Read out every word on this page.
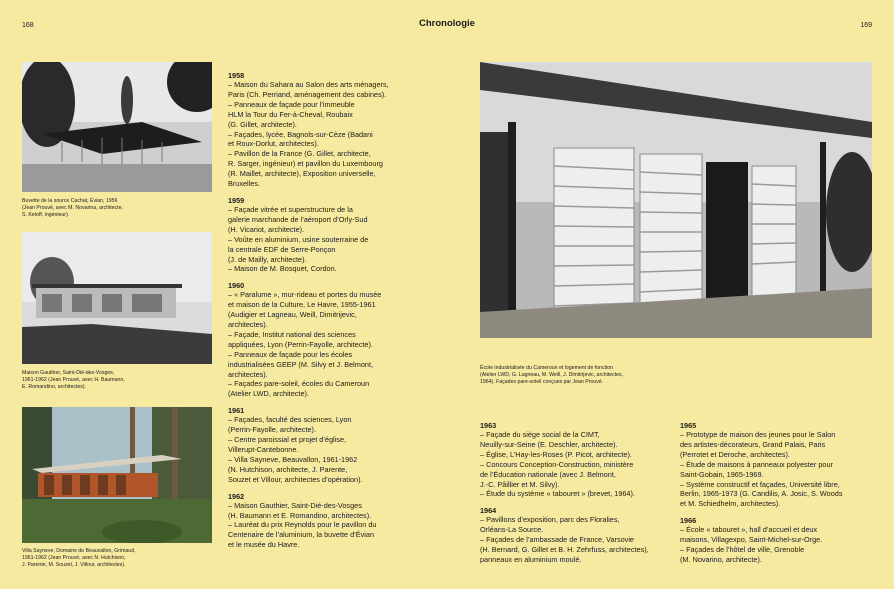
168	Chronologie	169
Buvette de la source Cachat, Évian, 1956
(Jean Prouvé, avec M. Novarina, architecte,
S. Ketoff, ingénieur).
Maison Gauthier, Saint-Dié-des-Vosges,
1961-1962 (Jean Prouvé, avec H. Baumann,
E. Romandino, architectes).
Villa Sayneve, Domaine de Beauvallon, Grimaud,
1961-1962 (Jean Prouvé, avec N. Hutchison,
J. Parente, M. Souzet, J. Villour, architectes).
École industrialisée du Cameroun et logement de fonction
(Atelier LWD, G. Lagneau, M. Weill, J. Dimitrijevic, architectes,
1964). Façades pare-soleil conçues par Jean Prouvé.
1958
– Maison du Sahara au Salon des arts ménagers,
Paris (Ch. Perriand, aménagement des cabines).
– Panneaux de façade pour l’immeuble
HLM la Tour du Fer-à-Cheval, Roubaix
(G. Gillet, architecte).
– Façades, lycée, Bagnols-sur-Cèze (Badani
et Roux-Dorlut, architectes).
– Pavillon de la France (G. Gillet, architecte,
R. Sarger, ingénieur) et pavillon du Luxembourg
(R. Maillet, architecte), Exposition universelle,
Bruxelles.
1959
– Façade vitrée et superstructure de la
galerie marchande de l’aéroport d’Orly-Sud
(H. Vicariot, architecte).
– Voûte en aluminium, usine souterraine de
la centrale EDF de Serre-Ponçon
(J. de Mailly, architecte).
– Maison de M. Bosquet, Cordon.
1960
– « Paralume », mur-rideau et portes du musée
et maison de la Culture, Le Havre, 1955-1961
(Audigier et Lagneau, Weill, Dimitrijevic,
architectes).
– Façade, Institut national des sciences
appliquées, Lyon (Perrin-Fayolle, architecte).
– Panneaux de façade pour les écoles
industrialisées GEEP (M. Silvy et J. Belmont,
architectes).
– Façades pare-soleil, écoles du Cameroun
(Atelier LWD, architecte).
1961
– Façades, faculté des sciences, Lyon
(Perrin-Fayolle, architecte).
– Centre paroissial et projet d’église,
Villerupt-Cantebonne.
– Villa Sayneve, Beauvallon, 1961-1962
(N. Hutchison, architecte, J. Parente,
Souzet et Villour, architectes d’opération).
1962
– Maison Gauthier, Saint-Dié-des-Vosges
(H. Baumann et E. Romandino, architectes).
– Lauréat du prix Reynolds pour le pavillon du
Centenaire de l’aluminium, la buvette d’Évian
et le musée du Havre.
1963
– Façade du siège social de la CIMT,
Neuilly-sur-Seine (E. Deschler, architecte).
– Église, L’Hay-les-Roses (P. Picot, architecte).
– Concours Conception-Construction, ministère
de l’Éducation nationale (avec J. Belmont,
J.-C. Pâillier et M. Silvy).
– Étude du système « tabouret » (brevet, 1964).
1964
– Pavillons d’exposition, parc des Floralies,
Orléans-La Source.
– Façades de l’ambassade de France, Varsovie
(H. Bernard, G. Gillet et B. H. Zehrfuss, architectes),
panneaux en aluminium moulé.
1965
– Prototype de maison des jeunes pour le Salon
des artistes-décorateurs, Grand Palais, Paris
(Perrotet et Deroche, architectes).
– Étude de maisons à panneaux polyester pour
Saint-Gobain, 1965-1969.
– Système constructif et façades, Université libre,
Berlin, 1965-1973 (G. Candilis, A. Josic, S. Woods
et M. Schiedhelm, architectes).
1966
– École « tabouret », hall d’accueil et deux
maisons, Villagexpo, Saint-Michel-sur-Orge.
– Façades de l’hôtel de ville, Grenoble
(M. Novarino, architecte).
